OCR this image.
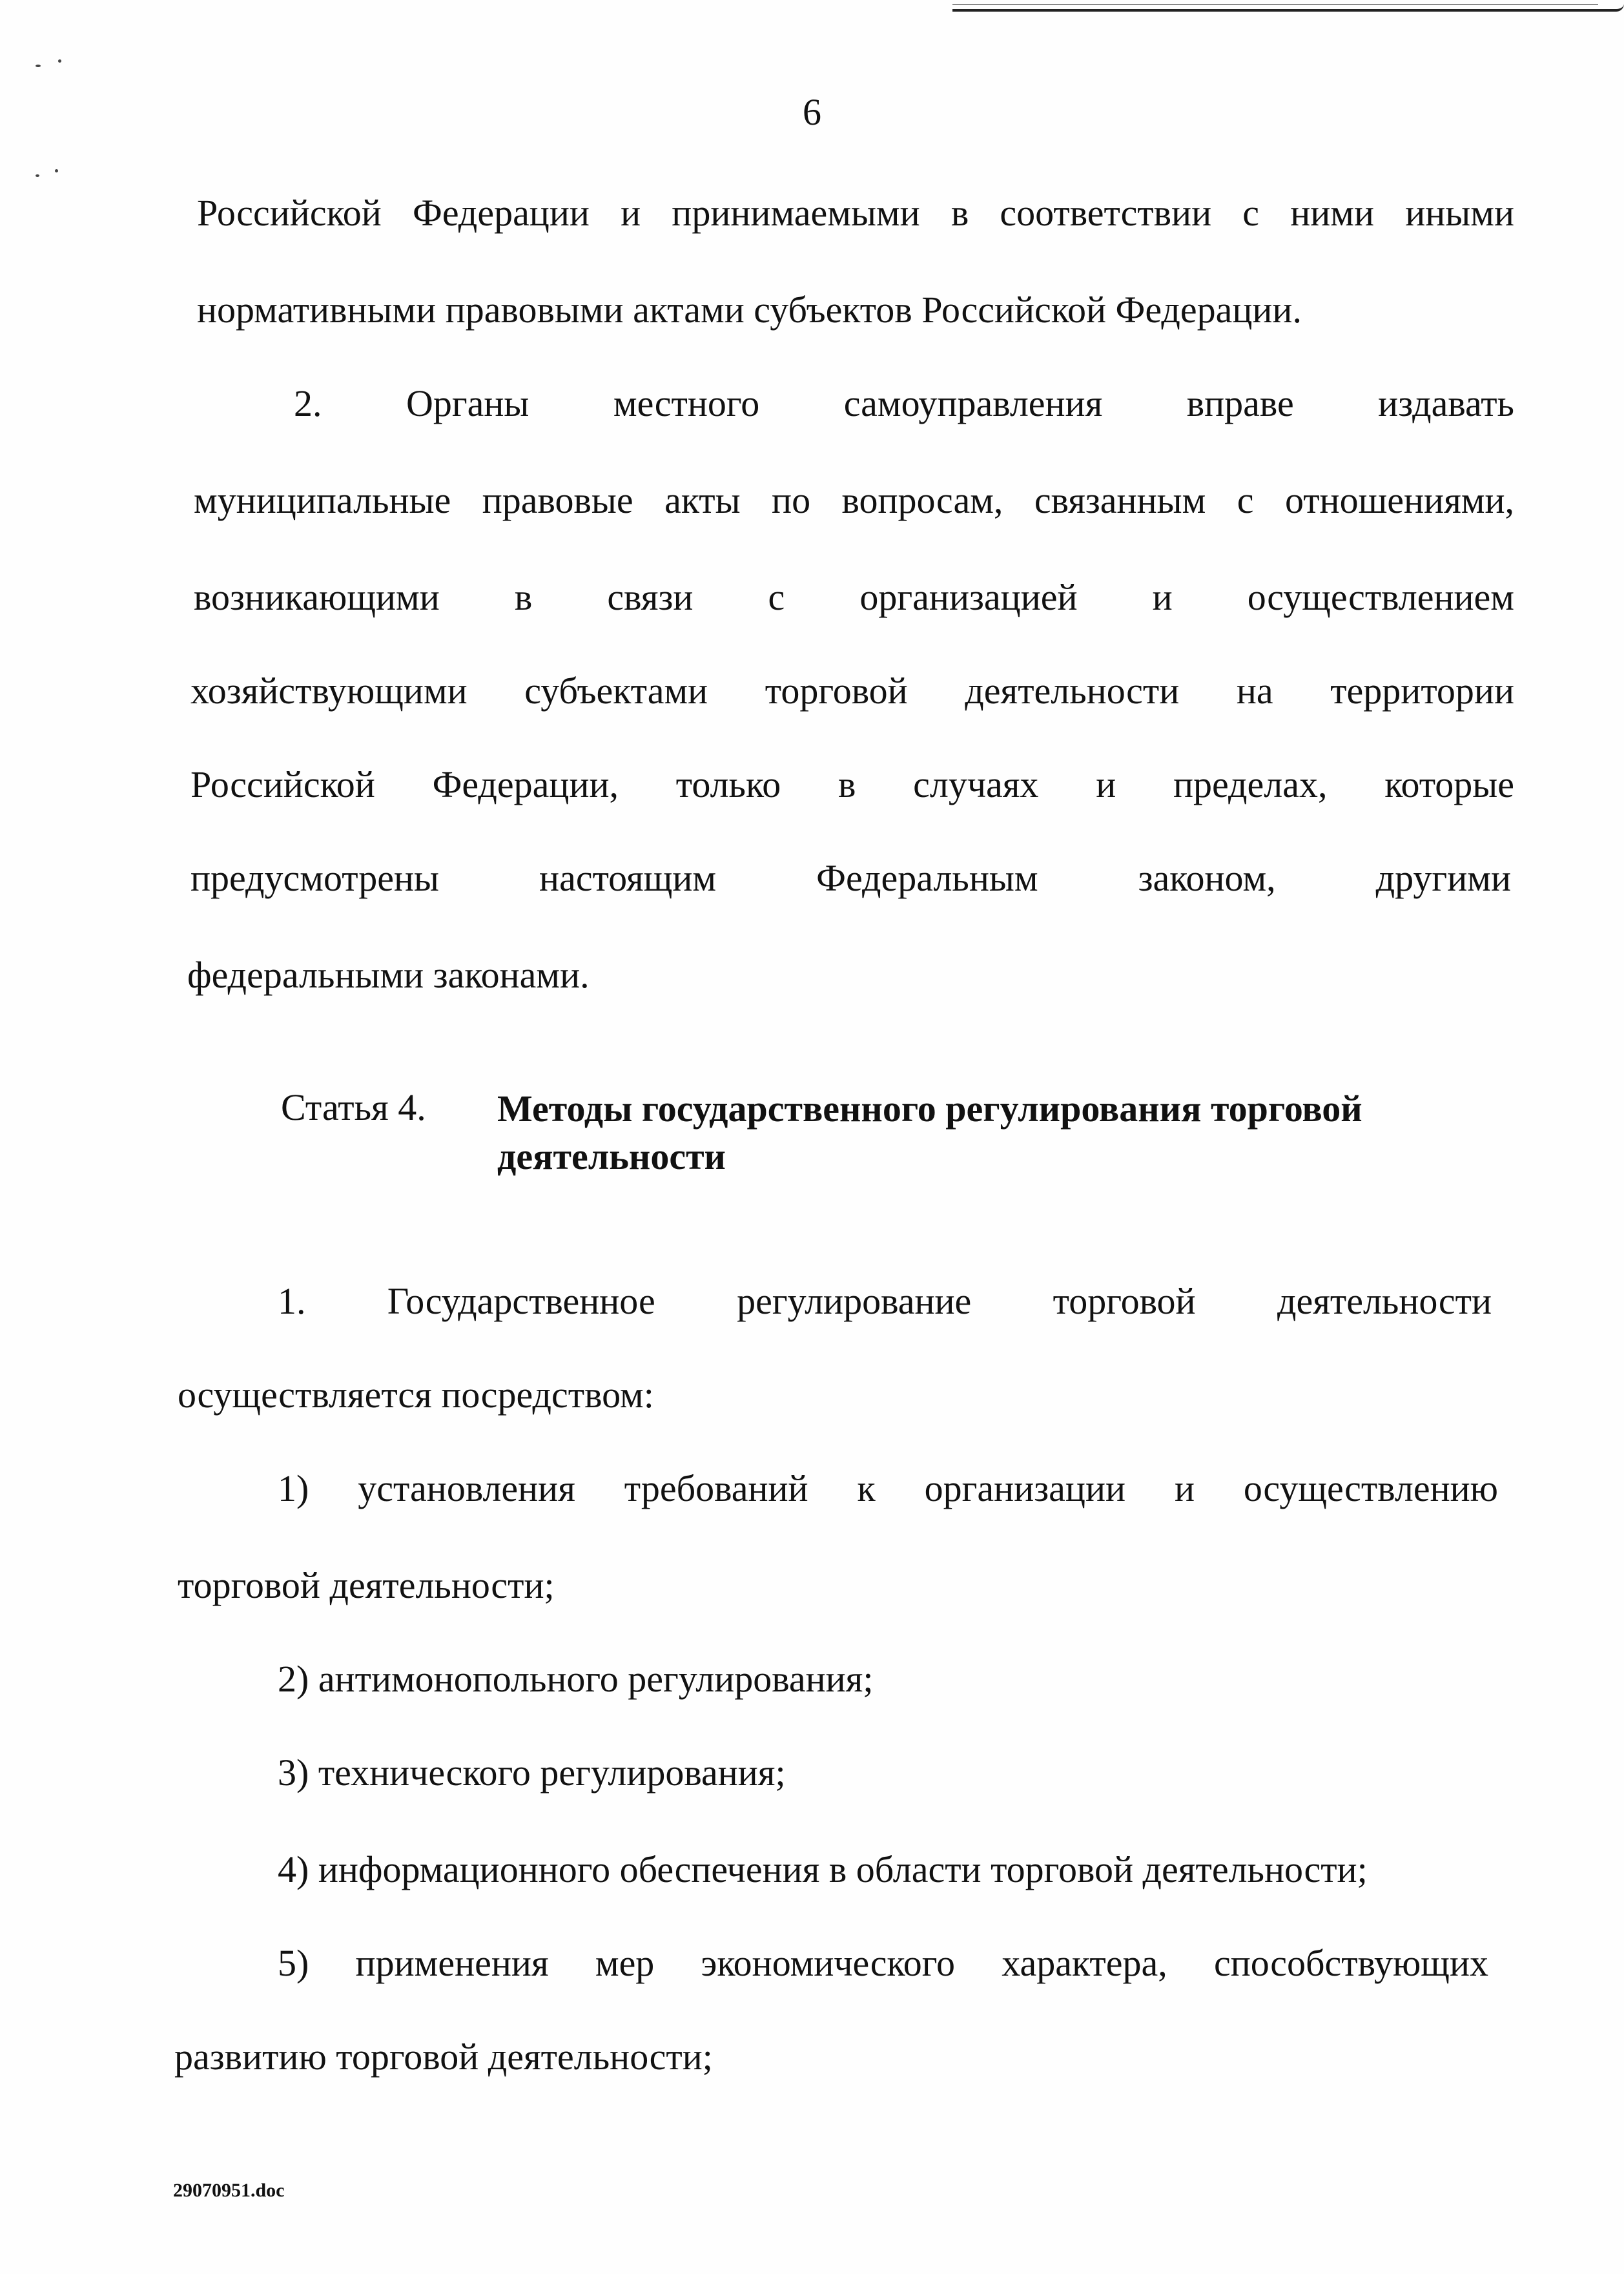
6
Российской Федерации и принимаемыми в соответствии с ними иными
нормативными правовыми актами субъектов Российской Федерации.
2. Органы местного самоуправления вправе издавать
муниципальные правовые акты по вопросам, связанным с отношениями,
возникающими в связи с организацией и осуществлением
хозяйствующими субъектами торговой деятельности на территории
Российской Федерации, только в случаях и пределах, которые
предусмотрены настоящим Федеральным законом, другими
федеральными законами.
Статья 4. Методы государственного регулирования торговой деятельности
1. Государственное регулирование торговой деятельности
осуществляется посредством:
1) установления требований к организации и осуществлению
торговой деятельности;
2) антимонопольного регулирования;
3) технического регулирования;
4) информационного обеспечения в области торговой деятельности;
5) применения мер экономического характера, способствующих
развитию торговой деятельности;
29070951.doc
